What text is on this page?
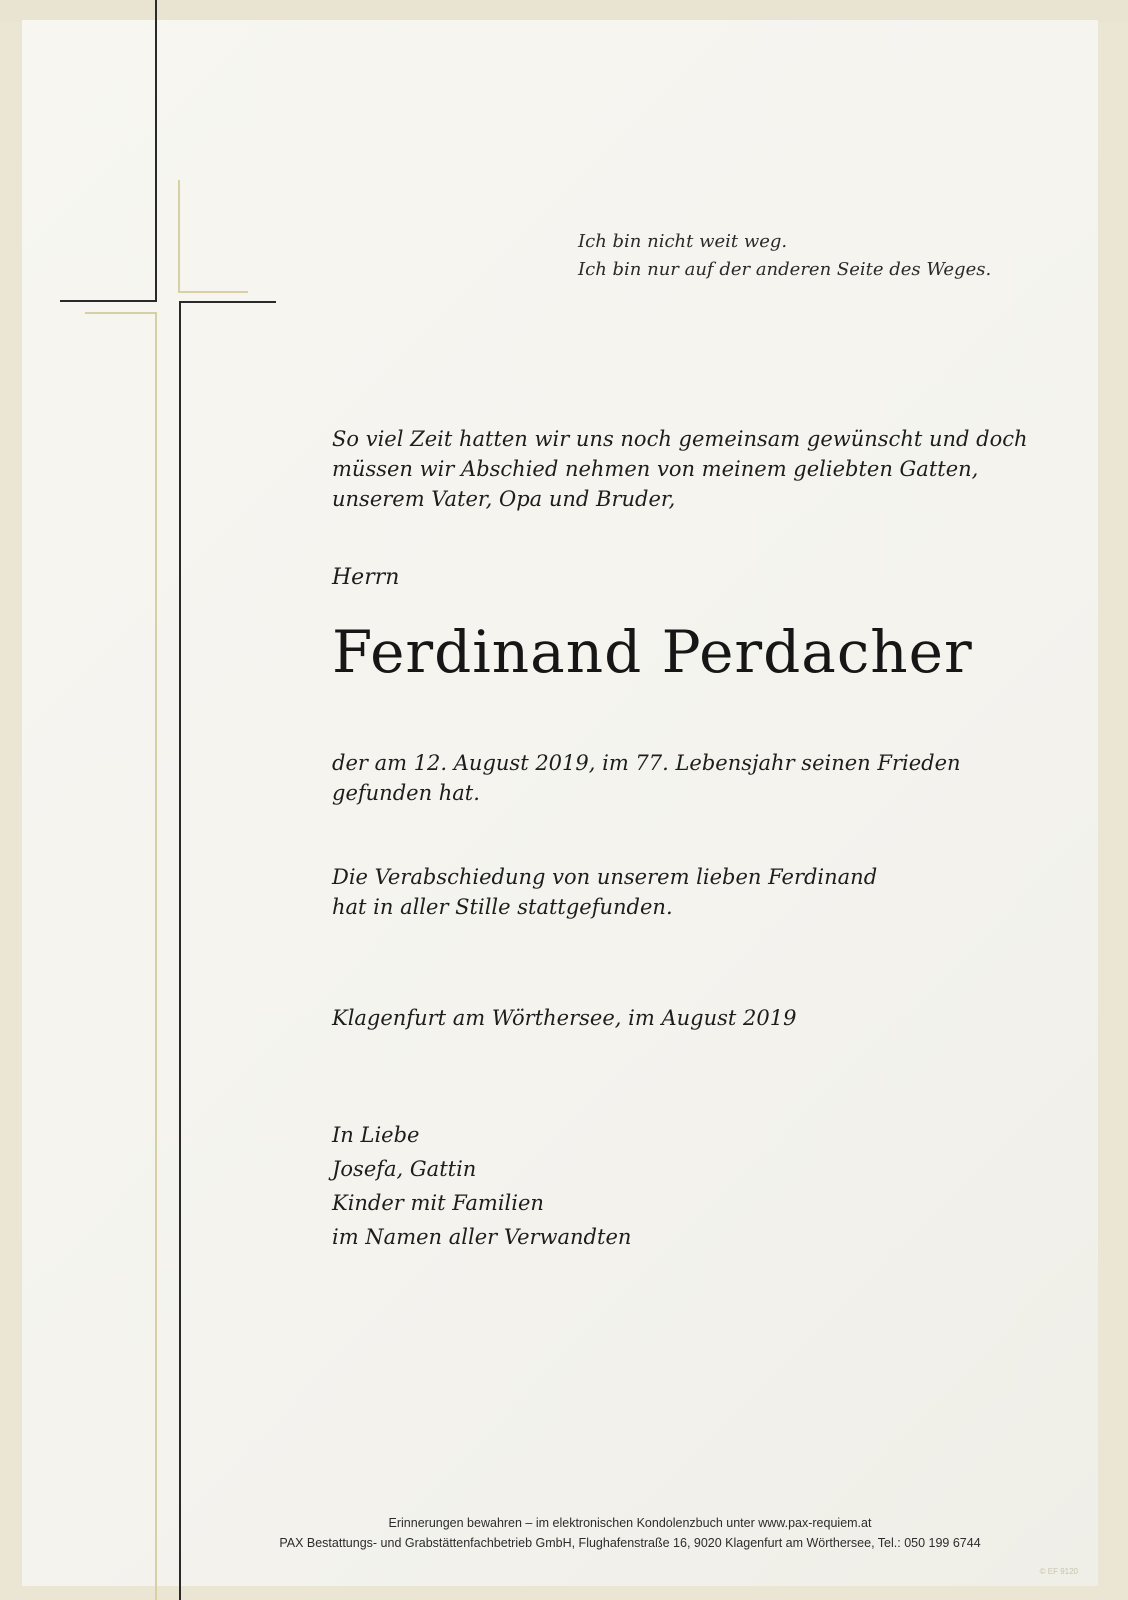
Ich bin nicht weit weg.
Ich bin nur auf der anderen Seite des Weges.
So viel Zeit hatten wir uns noch gemeinsam gewünscht und doch
müssen wir Abschied nehmen von meinem geliebten Gatten,
unserem Vater, Opa und Bruder,
Herrn
Ferdinand Perdacher
der am 12. August 2019, im 77. Lebensjahr seinen Frieden
gefunden hat.
Die Verabschiedung von unserem lieben Ferdinand
hat in aller Stille stattgefunden.
Klagenfurt am Wörthersee, im August 2019
In Liebe
Josefa, Gattin
Kinder mit Familien
im Namen aller Verwandten
Erinnerungen bewahren – im elektronischen Kondolenzbuch unter www.pax-requiem.at
PAX Bestattungs- und Grabstättenfachbetrieb GmbH, Flughafenstraße 16, 9020 Klagenfurt am Wörthersee, Tel.: 050 199 6744
© EF 9120
